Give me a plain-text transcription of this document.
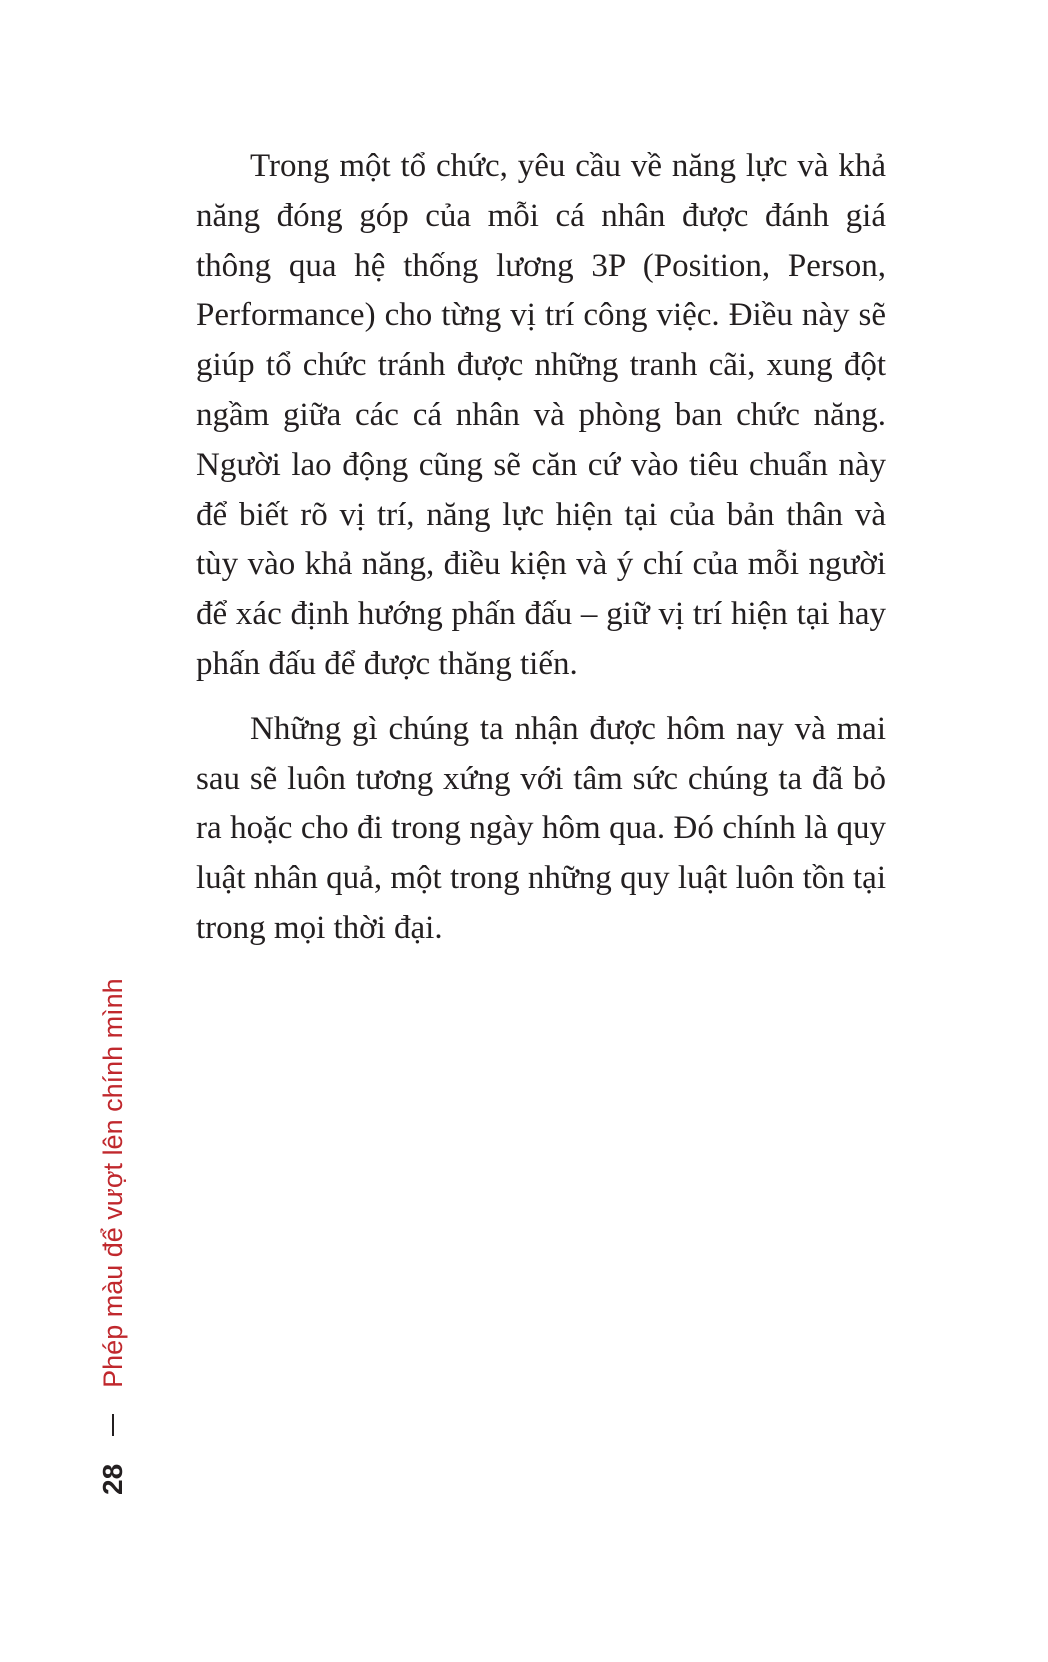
Trong một tổ chức, yêu cầu về năng lực và khả năng đóng góp của mỗi cá nhân được đánh giá thông qua hệ thống lương 3P (Position, Person, Performance) cho từng vị trí công việc. Điều này sẽ giúp tổ chức tránh được những tranh cãi, xung đột ngầm giữa các cá nhân và phòng ban chức năng. Người lao động cũng sẽ căn cứ vào tiêu chuẩn này để biết rõ vị trí, năng lực hiện tại của bản thân và tùy vào khả năng, điều kiện và ý chí của mỗi người để xác định hướng phấn đấu – giữ vị trí hiện tại hay phấn đấu để được thăng tiến.

Những gì chúng ta nhận được hôm nay và mai sau sẽ luôn tương xứng với tâm sức chúng ta đã bỏ ra hoặc cho đi trong ngày hôm qua. Đó chính là quy luật nhân quả, một trong những quy luật luôn tồn tại trong mọi thời đại.

28
Phép màu để vượt lên chính mình
